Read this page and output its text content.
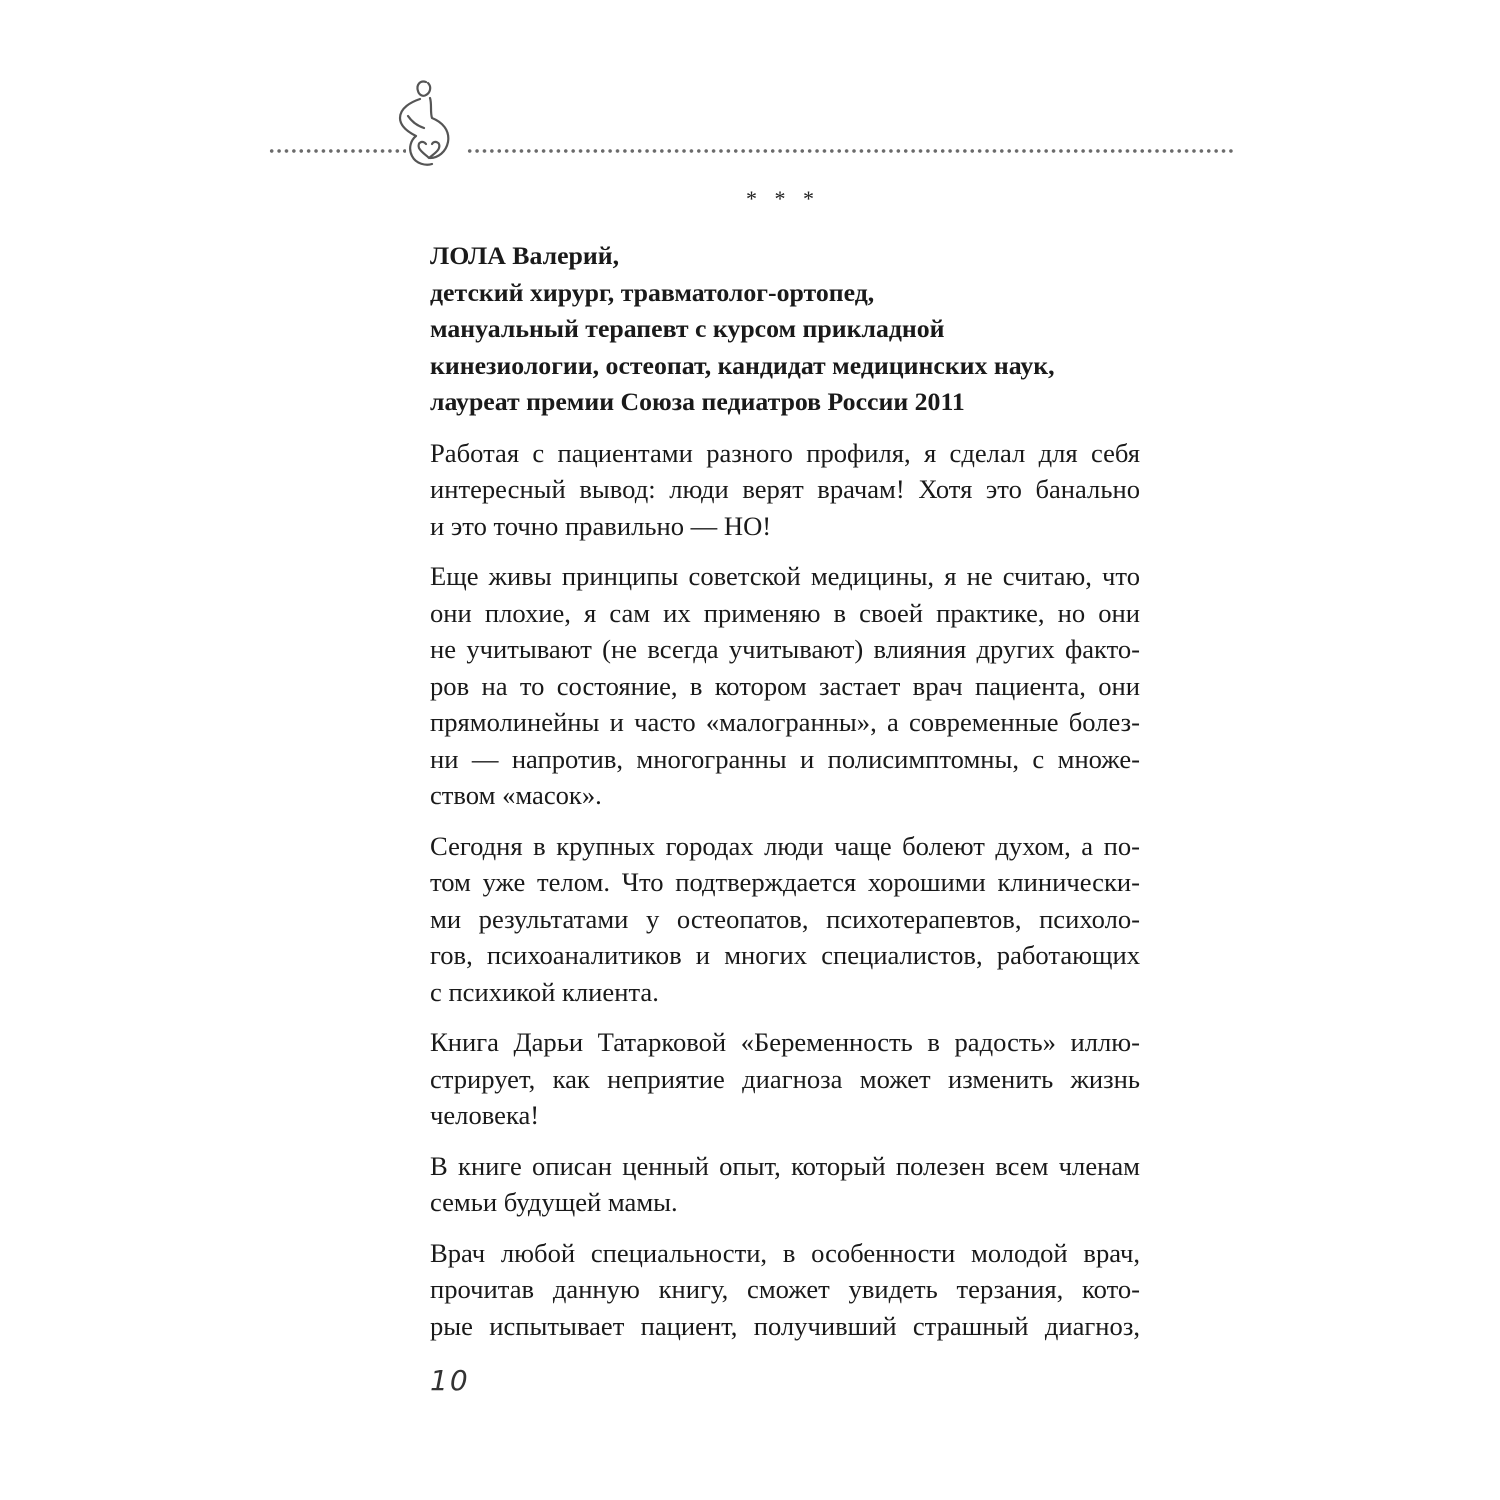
* * *
ЛОЛА Валерий,
детский хирург, травматолог-ортопед,
мануальный терапевт с курсом прикладной
кинезиологии, остеопат, кандидат медицинских наук,
лауреат премии Союза педиатров России 2011
Работая с пациентами разного профиля, я сделал для себя
интересный вывод: люди верят врачам! Хотя это банально
и это точно правильно — НО!
Еще живы принципы советской медицины, я не считаю, что
они плохие, я сам их применяю в своей практике, но они
не учитывают (не всегда учитывают) влияния других факто-
ров на то состояние, в котором застает врач пациента, они
прямолинейны и часто «малогранны», а современные болез-
ни — напротив, многогранны и полисимптомны, с множе-
ством «масок».
Сегодня в крупных городах люди чаще болеют духом, а по-
том уже телом. Что подтверждается хорошими клинически-
ми результатами у остеопатов, психотерапевтов, психоло-
гов, психоаналитиков и многих специалистов, работающих
с психикой клиента.
Книга Дарьи Татарковой «Беременность в радость» иллю-
стрирует, как неприятие диагноза может изменить жизнь
человека!
В книге описан ценный опыт, который полезен всем членам
семьи будущей мамы.
Врач любой специальности, в особенности молодой врач,
прочитав данную книгу, сможет увидеть терзания, кото-
рые испытывает пациент, получивший страшный диагноз,
10
